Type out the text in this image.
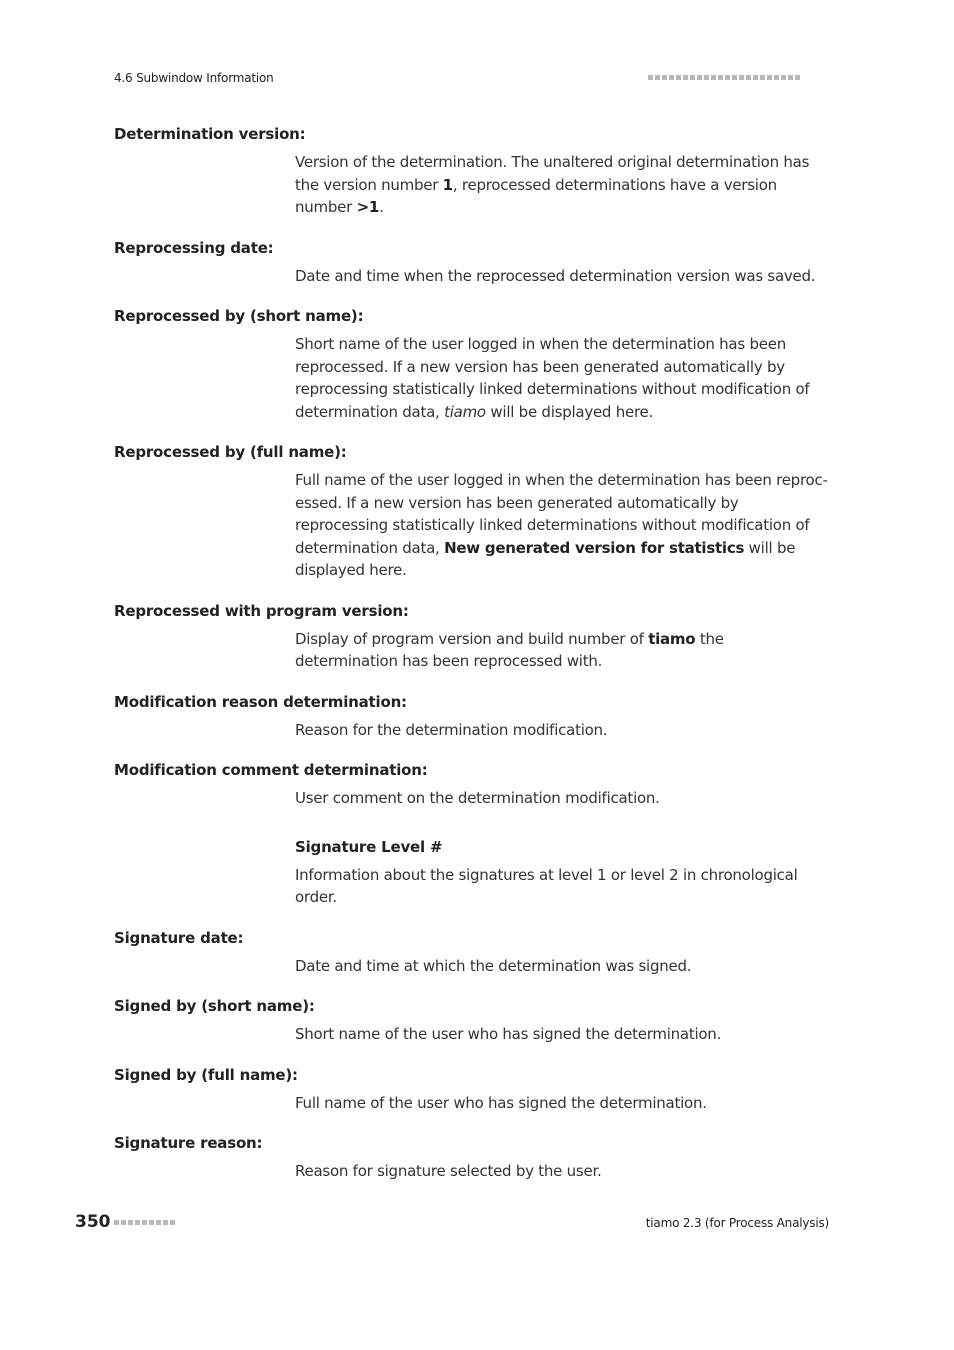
4.6 Subwindow Information
Determination version:
Version of the determination. The unaltered original determination has the version number 1, reprocessed determinations have a version number >1.
Reprocessing date:
Date and time when the reprocessed determination version was saved.
Reprocessed by (short name):
Short name of the user logged in when the determination has been reprocessed. If a new version has been generated automatically by reprocessing statistically linked determinations without modification of determination data, tiamo will be displayed here.
Reprocessed by (full name):
Full name of the user logged in when the determination has been reprocessed. If a new version has been generated automatically by reprocessing statistically linked determinations without modification of determination data, New generated version for statistics will be displayed here.
Reprocessed with program version:
Display of program version and build number of tiamo the determination has been reprocessed with.
Modification reason determination:
Reason for the determination modification.
Modification comment determination:
User comment on the determination modification.
Signature Level #
Information about the signatures at level 1 or level 2 in chronological order.
Signature date:
Date and time at which the determination was signed.
Signed by (short name):
Short name of the user who has signed the determination.
Signed by (full name):
Full name of the user who has signed the determination.
Signature reason:
Reason for signature selected by the user.
350	tiamo 2.3 (for Process Analysis)
